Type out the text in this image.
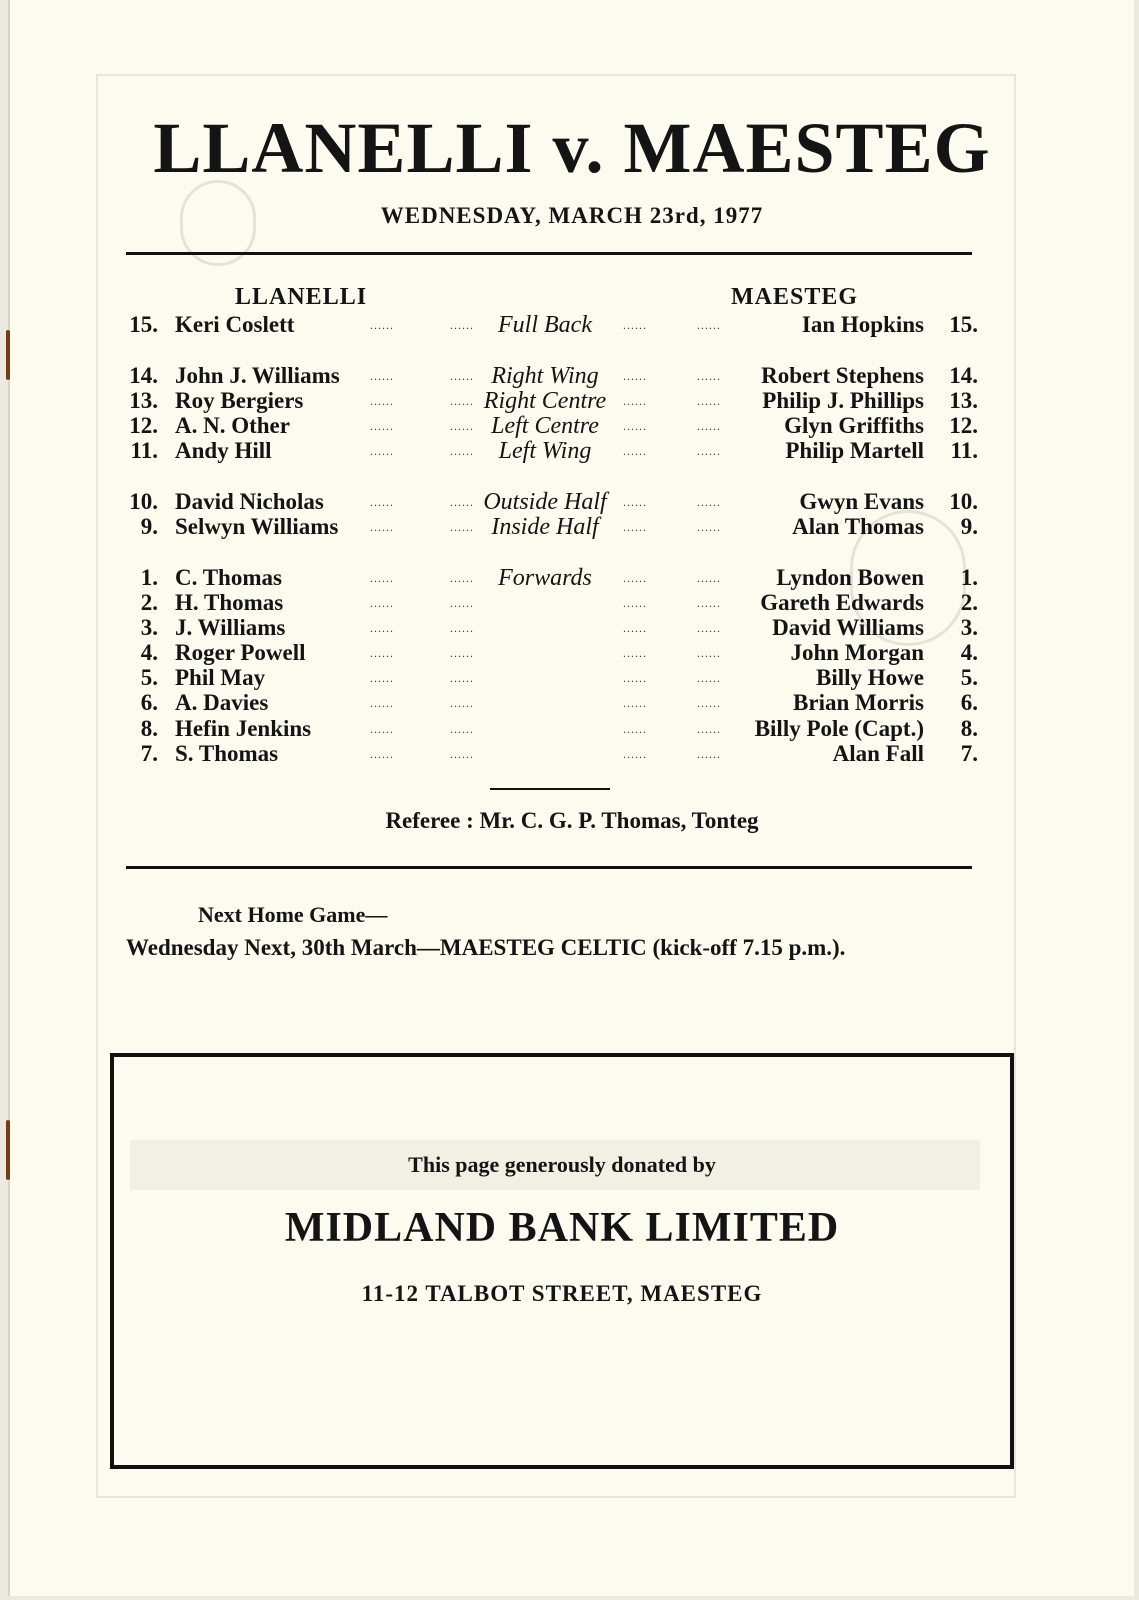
LLANELLI v. MAESTEG
WEDNESDAY, MARCH 23rd, 1977
LLANELLI	MAESTEG
15. Keri Coslett	......	......	Full Back	......	......	Ian Hopkins	15.
14. John J. Williams	......	...... Right Wing	......	...... Robert Stephens	14.
13. Roy Bergiers	......	...... Right Centre	......	...... Philip J. Phillips	13.
12. A. N. Other	......	...... Left Centre	......	......	Glyn Griffiths	12.
11. Andy Hill	......	......	Left Wing	......	......	Philip Martell	11.
10. David Nicholas	......	...... Outside Half	......	......	Gwyn Evans	10.
9. Selwyn Williams	......	...... Inside Half	......	......	Alan Thomas	9.
1. C. Thomas	......	......	Forwards	......	...... Lyndon Bowen	1.
2. H. Thomas	......	......	......	...... Gareth Edwards	2.
3. J. Williams	......	......	......	...... David Williams	3.
4. Roger Powell	......	......	......	......	John Morgan	4.
5. Phil May	......	......	......	......	Billy Howe	5.
6. A. Davies	......	......	......	......	Brian Morris	6.
8. Hefin Jenkins	......	......	......	...... Billy Pole (Capt.)	8.
7. S. Thomas	......	......	......	......	Alan Fall	7.
Referee : Mr. C. G. P. Thomas, Tonteg
Next Home Game—
Wednesday Next, 30th March—MAESTEG CELTIC (kick-off 7.15 p.m.).
This page generously donated by
MIDLAND BANK LIMITED
11-12 TALBOT STREET, MAESTEG
